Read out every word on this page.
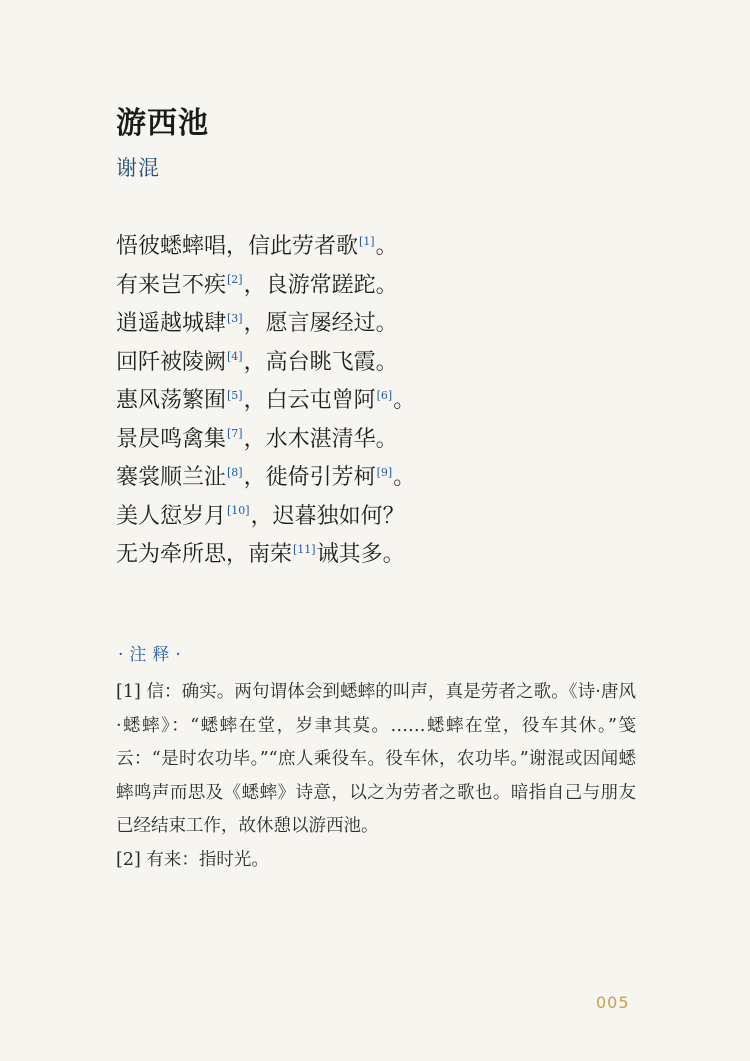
游西池
谢混
悟彼蟋蟀唱，信此劳者歌[1]。
有来岂不疾[2]，良游常蹉跎。
逍遥越城肆[3]，愿言屡经过。
回阡被陵阙[4]，高台眺飞霞。
惠风荡繁囿[5]，白云屯曾阿[6]。
景昃鸣禽集[7]，水木湛清华。
褰裳顺兰沚[8]，徙倚引芳柯[9]。
美人愆岁月[10]，迟暮独如何？
无为牵所思，南荣[11]诫其多。
·注释·
[1] 信：确实。两句谓体会到蟋蟀的叫声，真是劳者之歌。《诗·唐风·蟋蟀》：“蟋蟀在堂，岁聿其莫。……蟋蟀在堂，役车其休。”笺云：“是时农功毕。”“庶人乘役车。役车休，农功毕。”谢混或因闻蟋蟀鸣声而思及《蟋蟀》诗意，以之为劳者之歌也。暗指自己与朋友已经结束工作，故休憩以游西池。
[2] 有来：指时光。
005
